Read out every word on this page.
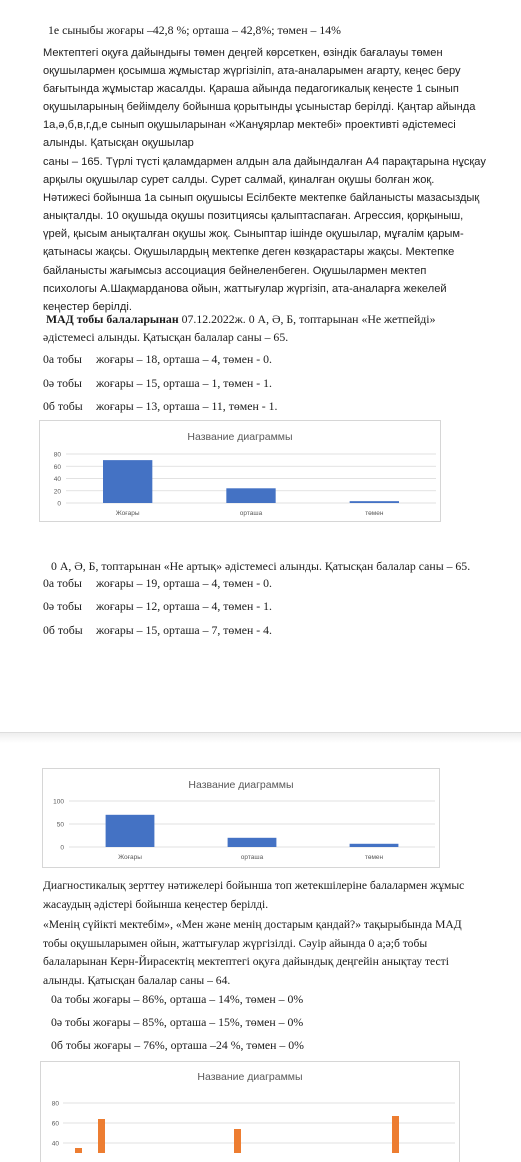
1е сыныбы жоғары –42,8 %; орташа – 42,8%; төмен – 14%
Мектептегі оқуға дайындығы төмен деңгей көрсеткен, өзіндік бағалауы төмен
оқушылармен қосымша жұмыстар жүргізіліп, ата-аналарымен ағарту, кеңес беру
бағытында жұмыстар жасалды. Қараша айында педагогикалық кеңесте 1 сынып
оқушыларының бейімделу бойынша қорытынды ұсыныстар берілді. Қаңтар айында
1а,ә,б,в,г,д,е сынып оқушыларынан «Жанұярлар мектебі» проективті әдістемесі
алынды. Қатысқан оқушылар
саны – 165. Түрлі түсті қаламдармен алдын ала дайындалған А4 парақтарына нұсқау
арқылы оқушылар сурет салды. Сурет салмай, қиналған оқушы болған жоқ.
Нәтижесі бойынша 1а сынып оқушысы Есілбекте мектепке байланысты мазасыздық
анықталды. 10 оқушыда оқушы позитциясы қалыптаспаған. Агрессия, қорқыныш,
үрей, қысым анықталған оқушы жоқ. Сыныптар ішінде оқушылар, мұғалім қарым-
қатынасы жақсы. Оқушылардың мектепке деген көзқарастары жақсы. Мектепке
байланысты жағымсыз ассоциация бейнеленбеген. Оқушылармен мектеп
психологы А.Шақмарданова ойын, жаттығулар жүргізіп, ата-аналарға жекелей
кеңестер берілді.
МАД тобы балаларынан 07.12.2022ж. 0 А, Ә, Б, топтарынан «Не жетпейді»
әдістемесі алынды. Қатысқан балалар саны – 65.
0а тобы жоғары – 18, орташа – 4, төмен - 0.
0ә тобы жоғары – 15, орташа – 1, төмен - 1.
0б тобы жоғары – 13, орташа – 11, төмен - 1.
Название диаграммы
0
20
40
60
80
Жоғары	орташа	төмен
0 А, Ә, Б, топтарынан «Не артық» әдістемесі алынды. Қатысқан балалар саны – 65.
0а тобы жоғары – 19, орташа – 4, төмен - 0.
0ә тобы жоғары – 12, орташа – 4, төмен - 1.
0б тобы жоғары – 15, орташа – 7, төмен - 4.
Название диаграммы
0
50
100
Жоғары	орташа	төмен
Диагностикалық зерттеу нәтижелері бойынша топ жетекшілеріне балалармен жұмыс
жасаудың әдістері бойынша кеңестер берілді.
«Менің сүйікті мектебім», «Мен және менің достарым қандай?» тақырыбында МАД
тобы оқушыларымен ойын, жаттығулар жүргізілді. Сәуір айында 0 а;ә;б тобы
балаларынан Керн-Йирасектің мектептегі оқуға дайындық деңгейін анықтау тесті
алынды. Қатысқан балалар саны – 64.
0а тобы жоғары – 86%, орташа – 14%, төмен – 0%
0ә тобы жоғары – 85%, орташа – 15%, төмен – 0%
0б тобы жоғары – 76%, орташа –24 %, төмен – 0%
Название диаграммы
40
60
80
